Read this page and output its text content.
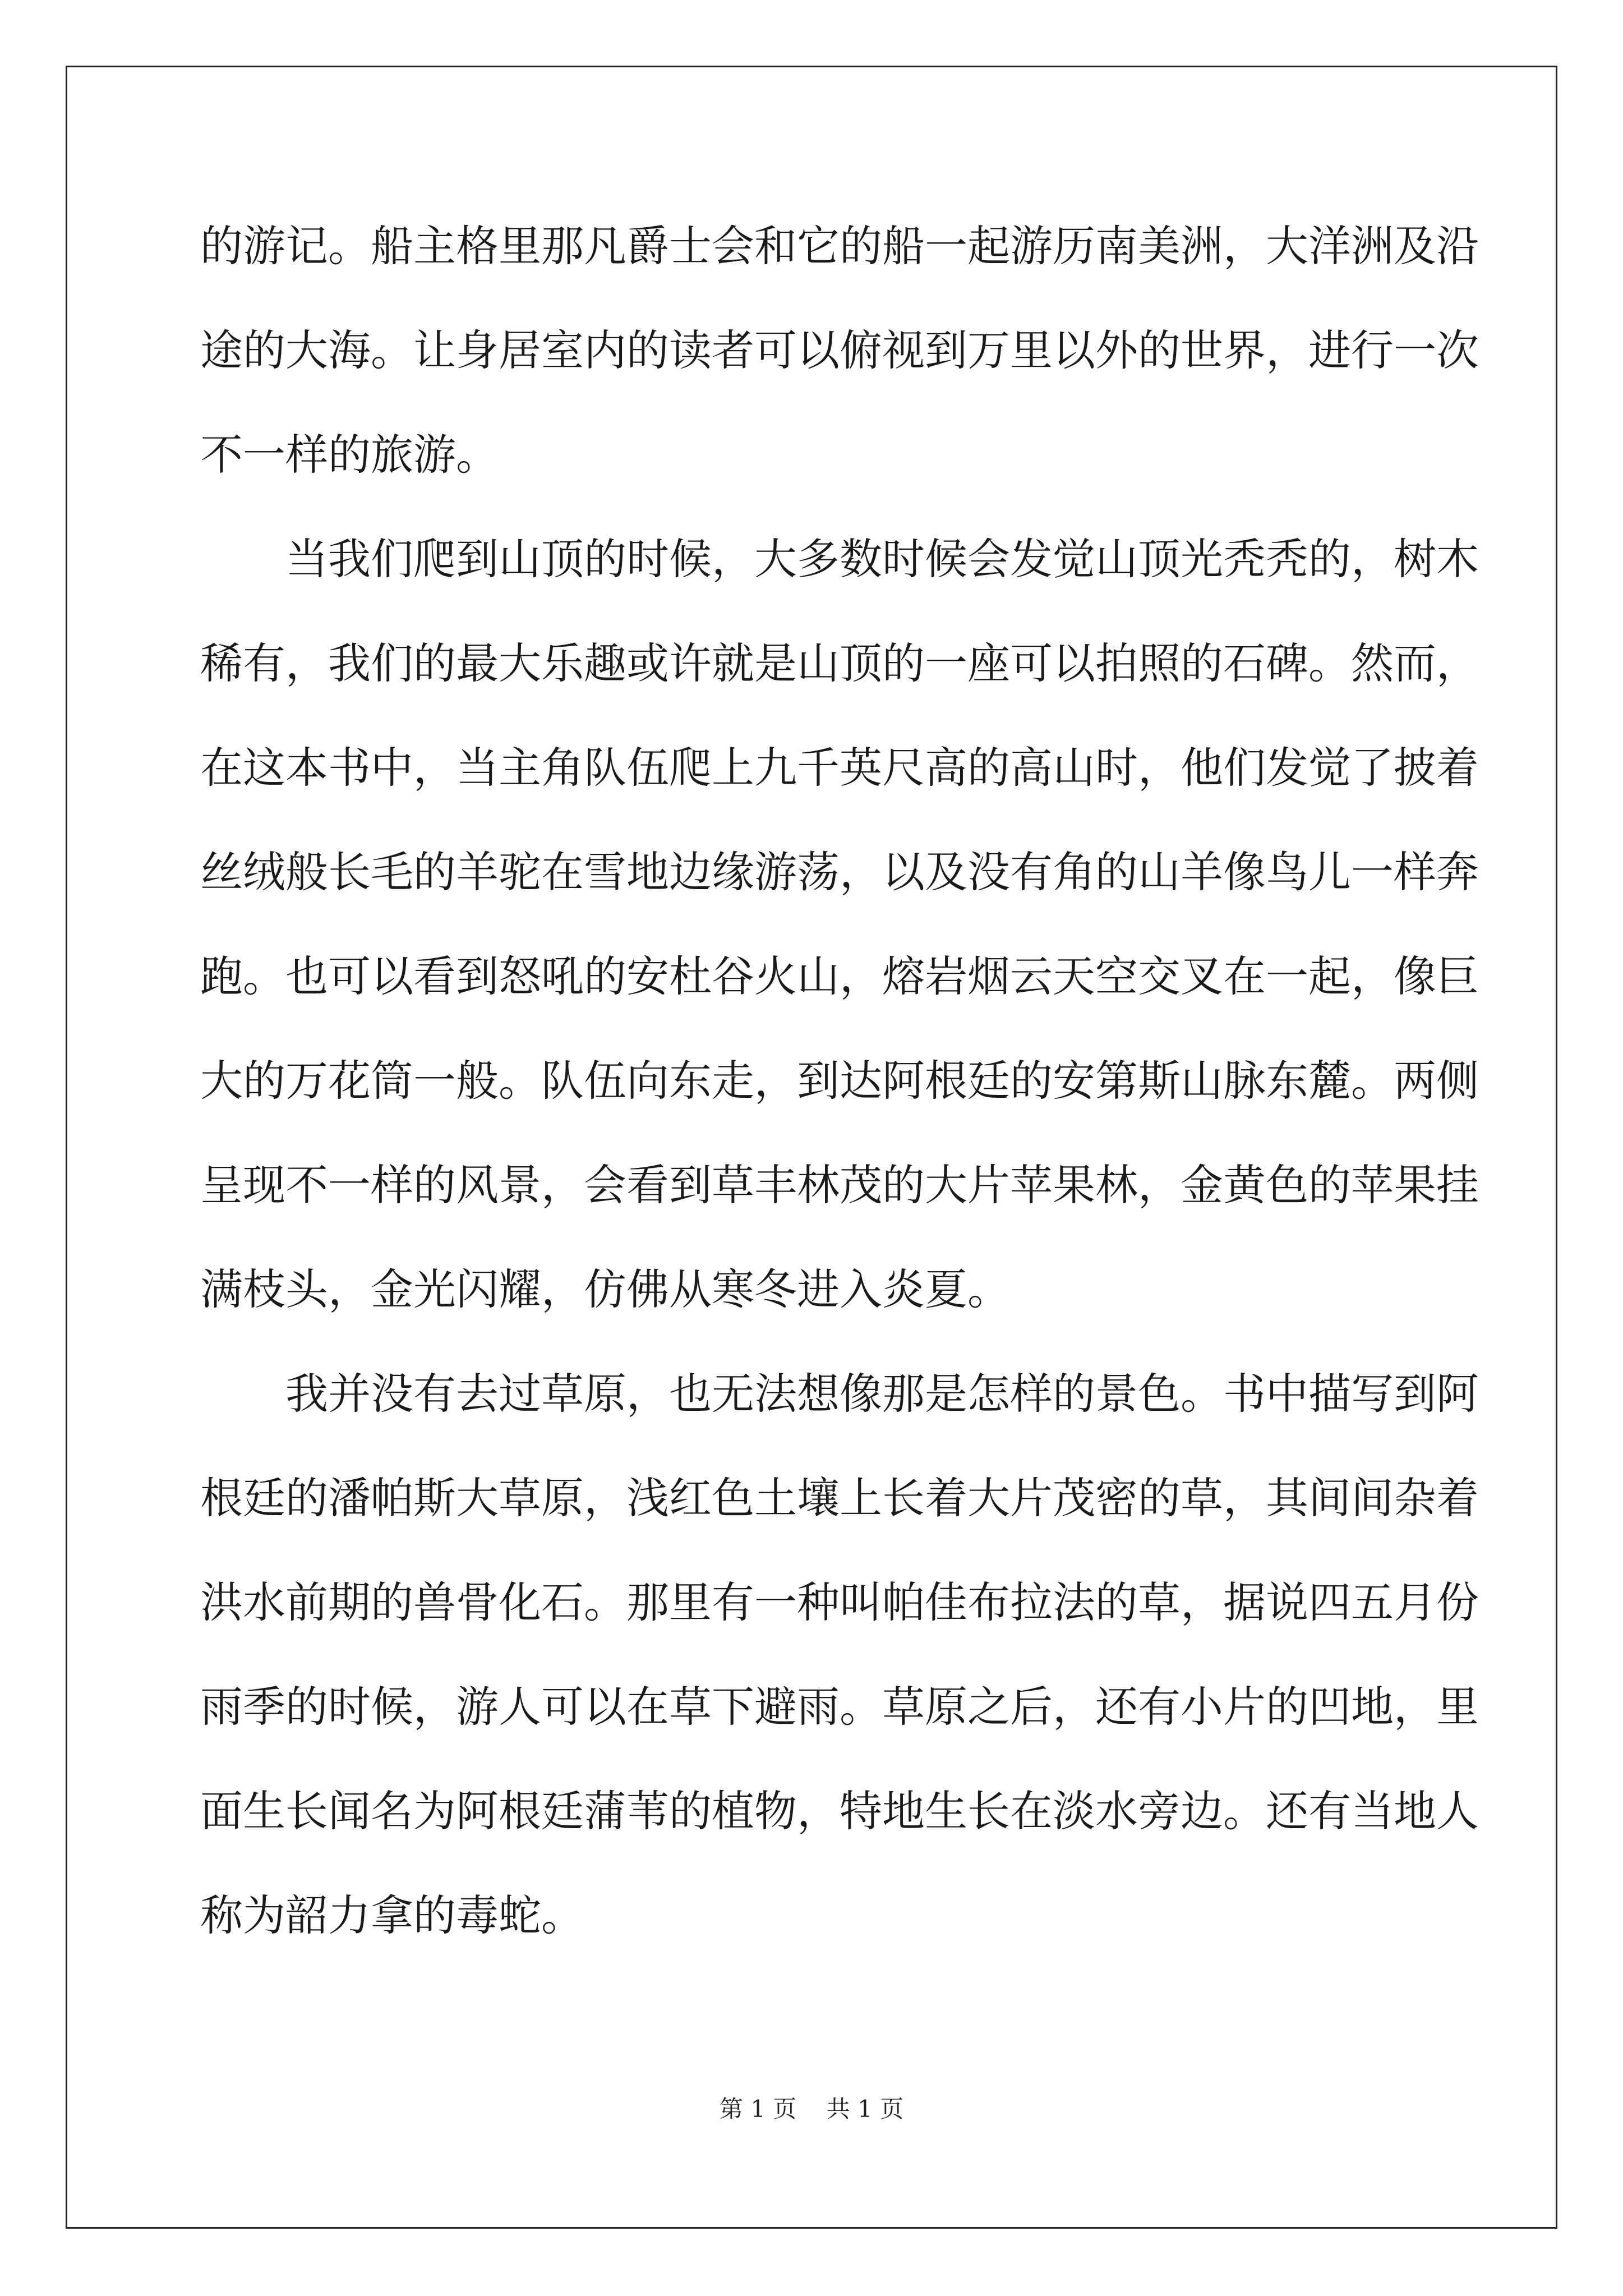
的游记。船主格里那凡爵士会和它的船一起游历南美洲，大洋洲及沿
途的大海。让身居室内的读者可以俯视到万里以外的世界，进行一次
不一样的旅游。
当我们爬到山顶的时候，大多数时候会发觉山顶光秃秃的，树木
稀有，我们的最大乐趣或许就是山顶的一座可以拍照的石碑。然而，
在这本书中，当主角队伍爬上九千英尺高的高山时，他们发觉了披着
丝绒般长毛的羊驼在雪地边缘游荡，以及没有角的山羊像鸟儿一样奔
跑。也可以看到怒吼的安杜谷火山，熔岩烟云天空交叉在一起，像巨
大的万花筒一般。队伍向东走，到达阿根廷的安第斯山脉东麓。两侧
呈现不一样的风景，会看到草丰林茂的大片苹果林，金黄色的苹果挂
满枝头，金光闪耀，仿佛从寒冬进入炎夏。
我并没有去过草原，也无法想像那是怎样的景色。书中描写到阿
根廷的潘帕斯大草原，浅红色土壤上长着大片茂密的草，其间间杂着
洪水前期的兽骨化石。那里有一种叫帕佳布拉法的草，据说四五月份
雨季的时候，游人可以在草下避雨。草原之后，还有小片的凹地，里
面生长闻名为阿根廷蒲苇的植物，特地生长在淡水旁边。还有当地人
称为韶力拿的毒蛇。
第 1 页    共 1 页
